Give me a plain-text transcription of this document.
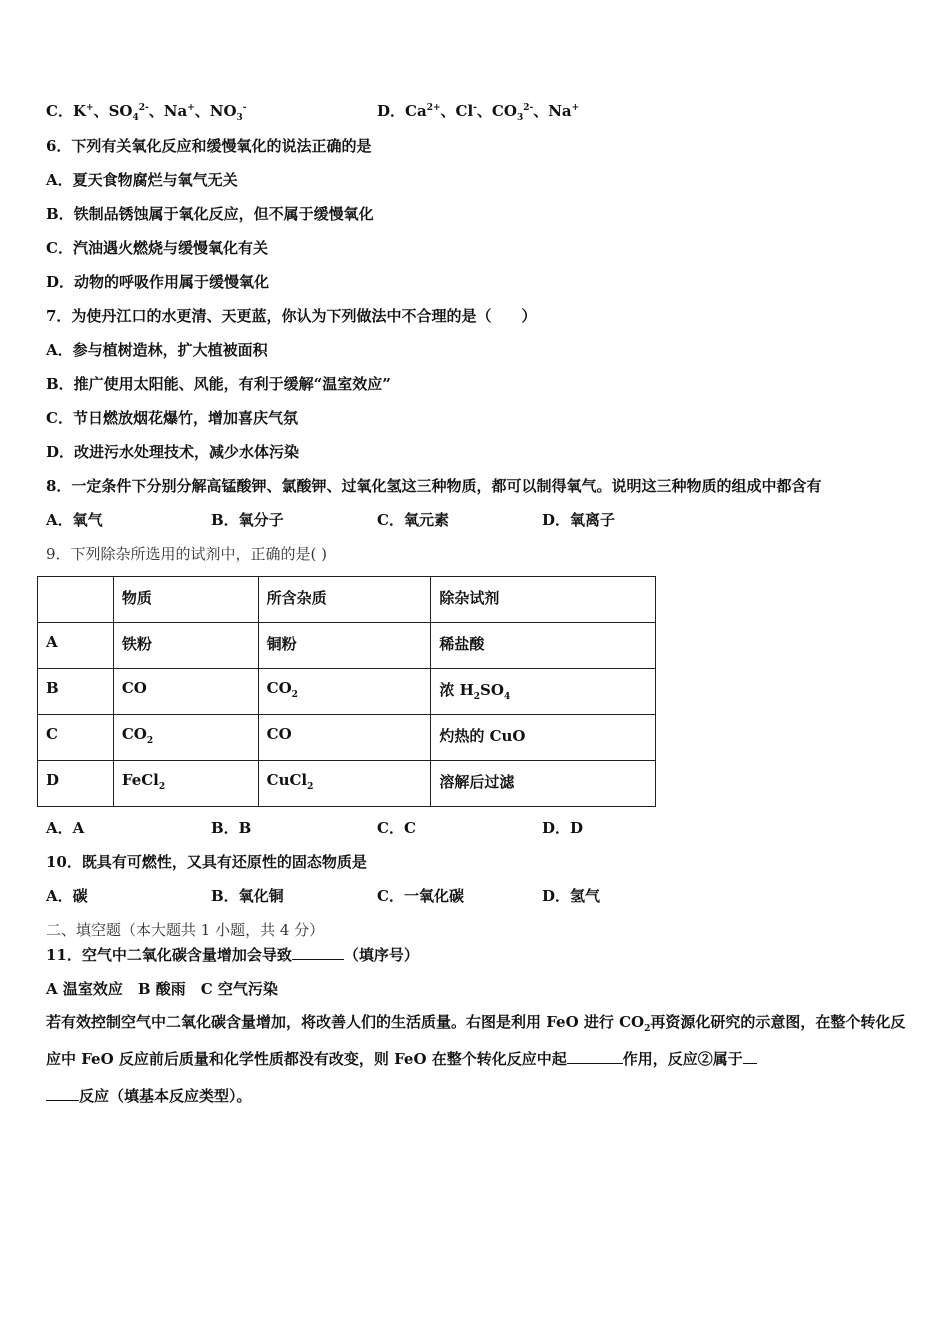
C．K+、$SO_4^{2-}$、Na+、$NO_3^-$	D．$Ca^{2+}$、Cl-、$CO_3^{2-}$、Na+
6．下列有关氧化反应和缓慢氧化的说法正确的是
A．夏天食物腐烂与氧气无关
B．铁制品锈蚀属于氧化反应，但不属于缓慢氧化
C．汽油遇火燃烧与缓慢氧化有关
D．动物的呼吸作用属于缓慢氧化
7．为使丹江口的水更清、天更蓝，你认为下列做法中不合理的是（　　）
A．参与植树造林，扩大植被面积
B．推广使用太阳能、风能，有利于缓解“温室效应”
C．节日燃放烟花爆竹，增加喜庆气氛
D．改进污水处理技术，减少水体污染
8．一定条件下分别分解高锰酸钾、氯酸钾、过氧化氢这三种物质，都可以制得氧气。说明这三种物质的组成中都含有
A．氧气	B．氧分子	C．氧元素	D．氧离子
9．下列除杂所选用的试剂中，正确的是( )
	物质	所含杂质	除杂试剂
A	铁粉	铜粉	稀盐酸
B	CO	$CO_2$	浓 $H_2SO_4$
C	$CO_2$	CO	灼热的 CuO
D	FeCl$_2$	CuCl$_2$	溶解后过滤
A．A	B．B	C．C	D．D
10．既具有可燃性，又具有还原性的固态物质是
A．碳	B．氧化铜	C．一氧化碳	D．氢气
二、填空题（本大题共 1 小题，共 4 分）
11．空气中二氧化碳含量增加会导致	（填序号）
A 温室效应　B 酸雨　C 空气污染
若有效控制空气中二氧化碳含量增加，将改善人们的生活质量。右图是利用 FeO 进行 $CO_2$再资源化研究的示意图，在整个转化反应中 FeO 反应前后质量和化学性质都没有改变，则 FeO 在整个转化反应中起	作用，反应②属于
反应（填基本反应类型）。
